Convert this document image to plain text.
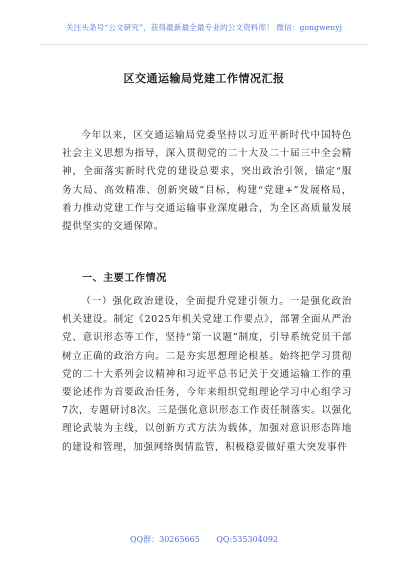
关注头条号“公文研究”，获得最新最全最专业的公文资料库！ 微信：gongwenyj
区交通运输局党建工作情况汇报

今年以来，区交通运输局党委坚持以习近平新时代中国特色社会主义思想为指导，深入贯彻党的二十大及二十届三中全会精神，全面落实新时代党的建设总要求，突出政治引领，锚定“服务大局、高效精准、创新突破”目标，构建“党建+”发展格局，着力推动党建工作与交通运输事业深度融合，为全区高质量发展提供坚实的交通保障。

一、主要工作情况

（一）强化政治建设，全面提升党建引领力。一是强化政治机关建设。制定《2025年机关党建工作要点》，部署全面从严治党、意识形态等工作，坚持“第一议题”制度，引导系统党员干部树立正确的政治方向。二是夯实思想理论根基。始终把学习贯彻党的二十大系列会议精神和习近平总书记关于交通运输工作的重要论述作为首要政治任务，今年来组织党组理论学习中心组学习7次，专题研讨8次。三是强化意识形态工作责任制落实。以强化理论武装为主线，以创新方式方法为载体，加强对意识形态阵地的建设和管理，加强网络舆情监管，积极稳妥做好重大突发事件

QQ群：30265665 QQ:535304092
